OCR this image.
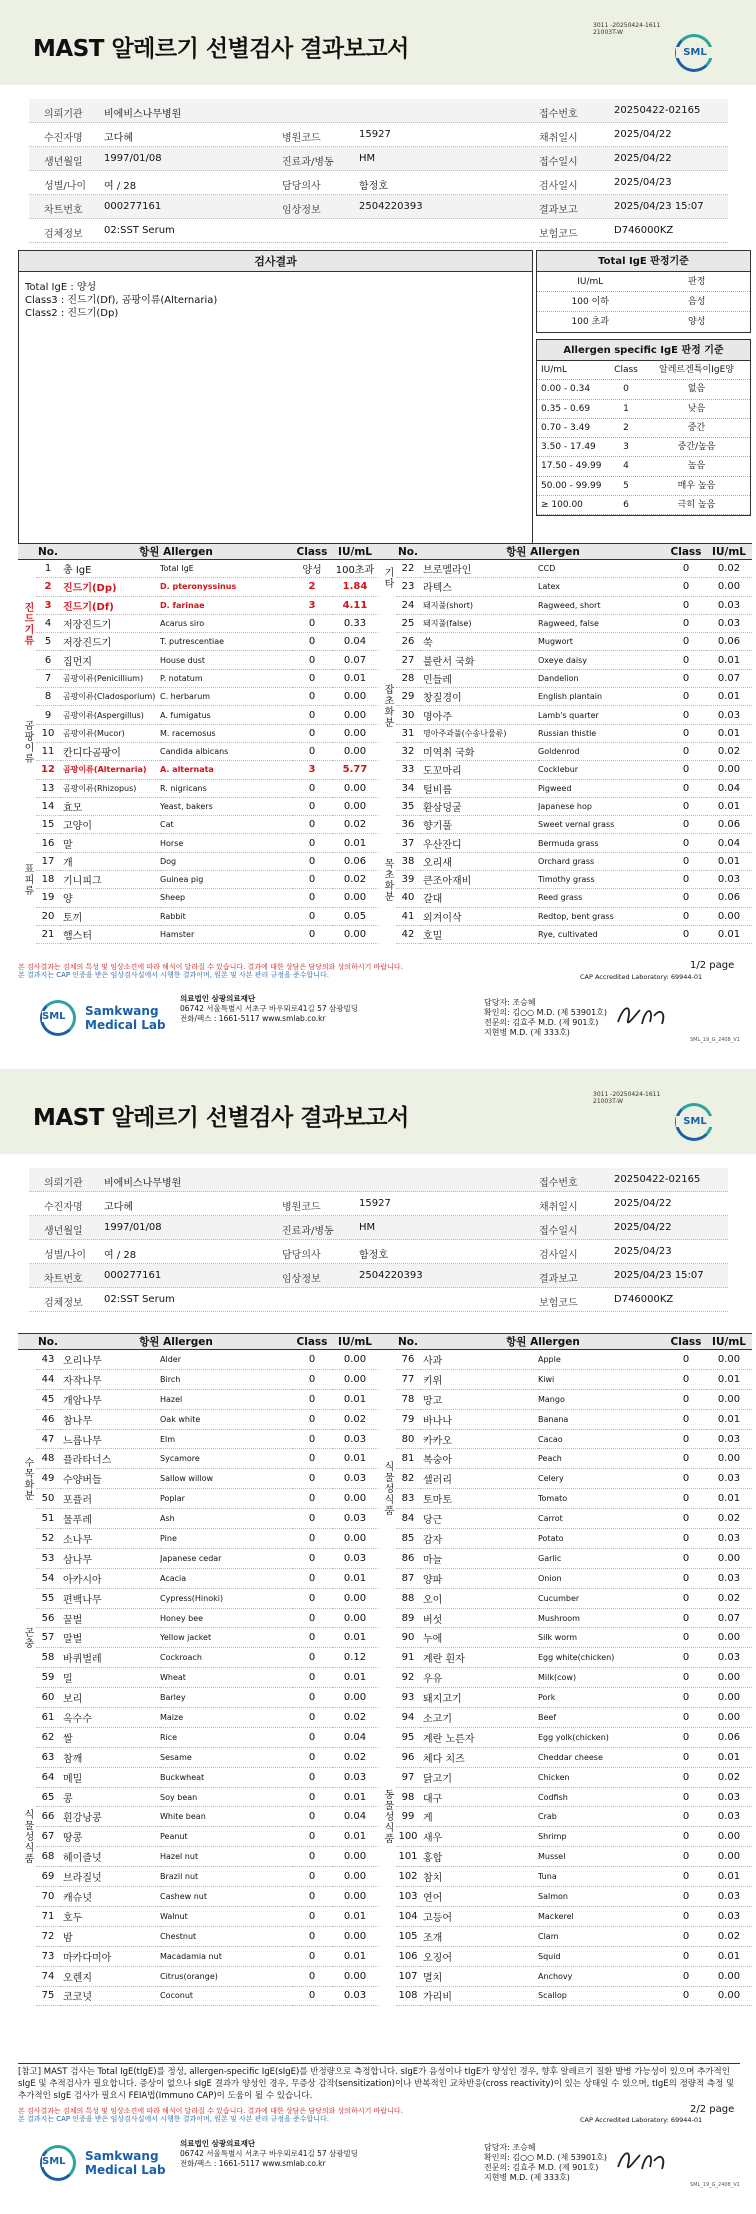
MAST 알레르기 선별검사 결과보고서
3011 -20250424-1611
21003T-W
SML
의뢰기관 비에비스나무병원	접수번호	20250422-02165
수진자명 고다혜	병원코드	15927	채취일시	2025/04/22
생년월일 1997/01/08	진료과/병동	HM	접수일시	2025/04/22
성별/나이 여 / 28	담당의사	함정호	검사일시	2025/04/23
차트번호 000277161	임상정보	2504220393	결과보고	2025/04/23 15:07
검체정보 02:SST Serum	보험코드	D746000KZ
검사결과
Total IgE : 양성
Class3 : 진드기(Df), 곰팡이류(Alternaria)
Class2 : 진드기(Dp)
Total IgE 판정기준
IU/mL	판정
100 이하	음성
100 초과	양성
Allergen specific IgE 판정 기준
IU/mL	Class	알레르겐특이IgE양
0.00 - 0.34	0	없음
0.35 - 0.69	1	낮음
0.70 - 3.49	2	중간
3.50 - 17.49	3	중간/높음
17.50 - 49.99	4	높음
50.00 - 99.99	5	매우 높음
≥ 100.00	6	극히 높음
	No.	항원 Allergen		Class	IU/mL
	1	총 IgE	Total IgE	양성	100초과
진드기류	2	진드기(Dp)	D. pteronyssinus	2	1.84
	3	진드기(Df)	D. farinae	3	4.11
	4	저장진드기	Acarus siro	0	0.33
	5	저장진드기	T. putrescentiae	0	0.04
	6	집먼지	House dust	0	0.07
곰팡이류	7	곰팡이류(Penicillium)	P. notatum	0	0.01
	8	곰팡이류(Cladosporium)	C. herbarum	0	0.00
	9	곰팡이류(Aspergillus)	A. fumigatus	0	0.00
	10	곰팡이류(Mucor)	M. racemosus	0	0.00
	11	칸디다곰팡이	Candida albicans	0	0.00
	12	곰팡이류(Alternaria)	A. alternata	3	5.77
	13	곰팡이류(Rhizopus)	R. nigricans	0	0.00
	14	효모	Yeast, bakers	0	0.00
표피류	15	고양이	Cat	0	0.02
	16	말	Horse	0	0.01
	17	개	Dog	0	0.06
	18	기니피그	Guinea pig	0	0.02
	19	양	Sheep	0	0.00
	20	토끼	Rabbit	0	0.05
	21	햄스터	Hamster	0	0.00
	No.	항원 Allergen		Class	IU/mL
기타	22	브로멜라인	CCD	0	0.02
	23	라텍스	Latex	0	0.00
잡초화분	24	돼지풀(short)	Ragweed, short	0	0.03
	25	돼지풀(false)	Ragweed, false	0	0.03
	26	쑥	Mugwort	0	0.06
	27	불란서 국화	Oxeye daisy	0	0.01
	28	민들레	Dandelion	0	0.07
	29	창질경이	English plantain	0	0.01
	30	명아주	Lamb's quarter	0	0.03
	31	명아주과풀(수송나물류)	Russian thistle	0	0.01
	32	미역취 국화	Goldenrod	0	0.02
	33	도꼬마리	Cocklebur	0	0.00
	34	털비름	Pigweed	0	0.04
	35	환삼덩굴	Japanese hop	0	0.01
목초화분	36	향기풀	Sweet vernal grass	0	0.06
	37	우산잔디	Bermuda grass	0	0.04
	38	오리새	Orchard grass	0	0.01
	39	큰조아재비	Timothy grass	0	0.03
	40	갈대	Reed grass	0	0.06
	41	외겨이삭	Redtop, bent grass	0	0.00
	42	호밀	Rye, cultivated	0	0.01
본 검사결과는 검체의 특성 및 임상소견에 따라 해석이 달라질 수 있습니다. 결과에 대한 상담은 담당의와 상의하시기 바랍니다.
본 결과지는 CAP 인증을 받은 임상검사실에서 시행한 결과이며, 원본 및 사본 관리 규정을 준수합니다.
1/2 page
CAP Accredited Laboratory: 69944-01
SML Samkwang
Medical Lab
의료법인 삼광의료재단
06742 서울특별시 서초구 바우뫼로41길 57 삼광빌딩
전화/팩스 : 1661-5117 www.smlab.co.kr
담당자: 조승혜
확인의: 김○○ M.D. (제 53901호)
전문의: 김효주 M.D. (제 901호)
지현병 M.D. (제 333호)
SML_19_G_2408_V1
MAST 알레르기 선별검사 결과보고서
3011 -20250424-1611
21003T-W
SML
의뢰기관 비에비스나무병원	접수번호	20250422-02165
수진자명 고다혜	병원코드	15927	채취일시	2025/04/22
생년월일 1997/01/08	진료과/병동	HM	접수일시	2025/04/22
성별/나이 여 / 28	담당의사	함정호	검사일시	2025/04/23
차트번호 000277161	임상정보	2504220393	결과보고	2025/04/23 15:07
검체정보 02:SST Serum	보험코드	D746000KZ
	No.	항원 Allergen		Class	IU/mL
수목화분	43	오리나무	Alder	0	0.00
	44	자작나무	Birch	0	0.00
	45	개암나무	Hazel	0	0.01
	46	참나무	Oak white	0	0.02
	47	느릅나무	Elm	0	0.03
	48	플라타너스	Sycamore	0	0.01
	49	수양버들	Sallow willow	0	0.03
	50	포플러	Poplar	0	0.00
	51	물푸레	Ash	0	0.03
	52	소나무	Pine	0	0.00
	53	삼나무	Japanese cedar	0	0.03
	54	아카시아	Acacia	0	0.01
	55	편백나무	Cypress(Hinoki)	0	0.00
곤충	56	꿀벌	Honey bee	0	0.00
	57	말벌	Yellow jacket	0	0.01
	58	바퀴벌레	Cockroach	0	0.12
식물성식품	59	밀	Wheat	0	0.01
	60	보리	Barley	0	0.00
	61	옥수수	Maize	0	0.02
	62	쌀	Rice	0	0.04
	63	참깨	Sesame	0	0.02
	64	메밀	Buckwheat	0	0.03
	65	콩	Soy bean	0	0.01
	66	흰강낭콩	White bean	0	0.04
	67	땅콩	Peanut	0	0.01
	68	헤이즐넛	Hazel nut	0	0.00
	69	브라질넛	Brazil nut	0	0.00
	70	캐슈넛	Cashew nut	0	0.00
	71	호두	Walnut	0	0.01
	72	밤	Chestnut	0	0.00
	73	마카다미아	Macadamia nut	0	0.01
	74	오렌지	Citrus(orange)	0	0.00
	75	코코넛	Coconut	0	0.03
	No.	항원 Allergen		Class	IU/mL
식물성식품	76	사과	Apple	0	0.00
	77	키위	Kiwi	0	0.01
	78	망고	Mango	0	0.00
	79	바나나	Banana	0	0.01
	80	카카오	Cacao	0	0.03
	81	복숭아	Peach	0	0.00
	82	셀러리	Celery	0	0.03
	83	토마토	Tomato	0	0.01
	84	당근	Carrot	0	0.02
	85	감자	Potato	0	0.03
	86	마늘	Garlic	0	0.00
	87	양파	Onion	0	0.03
	88	오이	Cucumber	0	0.02
	89	버섯	Mushroom	0	0.07
동물성식품	90	누에	Silk worm	0	0.00
	91	계란 흰자	Egg white(chicken)	0	0.03
	92	우유	Milk(cow)	0	0.00
	93	돼지고기	Pork	0	0.00
	94	소고기	Beef	0	0.00
	95	계란 노른자	Egg yolk(chicken)	0	0.06
	96	체다 치즈	Cheddar cheese	0	0.01
	97	닭고기	Chicken	0	0.02
	98	대구	Codfish	0	0.03
	99	게	Crab	0	0.03
	100	새우	Shrimp	0	0.00
	101	홍합	Mussel	0	0.00
	102	참치	Tuna	0	0.01
	103	연어	Salmon	0	0.03
	104	고등어	Mackerel	0	0.03
	105	조개	Clam	0	0.02
	106	오징어	Squid	0	0.01
	107	멸치	Anchovy	0	0.00
	108	가리비	Scallop	0	0.00
[참고] MAST 검사는 Total IgE(tIgE)를 정성, allergen-specific IgE(sIgE)를 반정량으로 측정합니다. sIgE가 음성이나 tIgE가 양성인 경우, 향후 알레르기 질환 발병 가능성이 있으며 추가적인 sIgE 및 추적검사가 필요합니다. 증상이 없으나 sIgE 결과가 양성인 경우, 무증상 감작(sensitization)이나 반복적인 교차반응(cross reactivity)이 있는 상태일 수 있으며, tIgE의 정량적 측정 및 추가적인 sIgE 검사가 필요시 FEIA법(Immuno CAP)이 도움이 될 수 있습니다.
본 검사결과는 검체의 특성 및 임상소견에 따라 해석이 달라질 수 있습니다. 결과에 대한 상담은 담당의와 상의하시기 바랍니다.
본 결과지는 CAP 인증을 받은 임상검사실에서 시행한 결과이며, 원본 및 사본 관리 규정을 준수합니다.
2/2 page
CAP Accredited Laboratory: 69944-01
SML Samkwang
Medical Lab
의료법인 삼광의료재단
06742 서울특별시 서초구 바우뫼로41길 57 삼광빌딩
전화/팩스 : 1661-5117 www.smlab.co.kr
담당자: 조승혜
확인의: 김○○ M.D. (제 53901호)
전문의: 김효주 M.D. (제 901호)
지현병 M.D. (제 333호)
SML_19_G_2408_V1
